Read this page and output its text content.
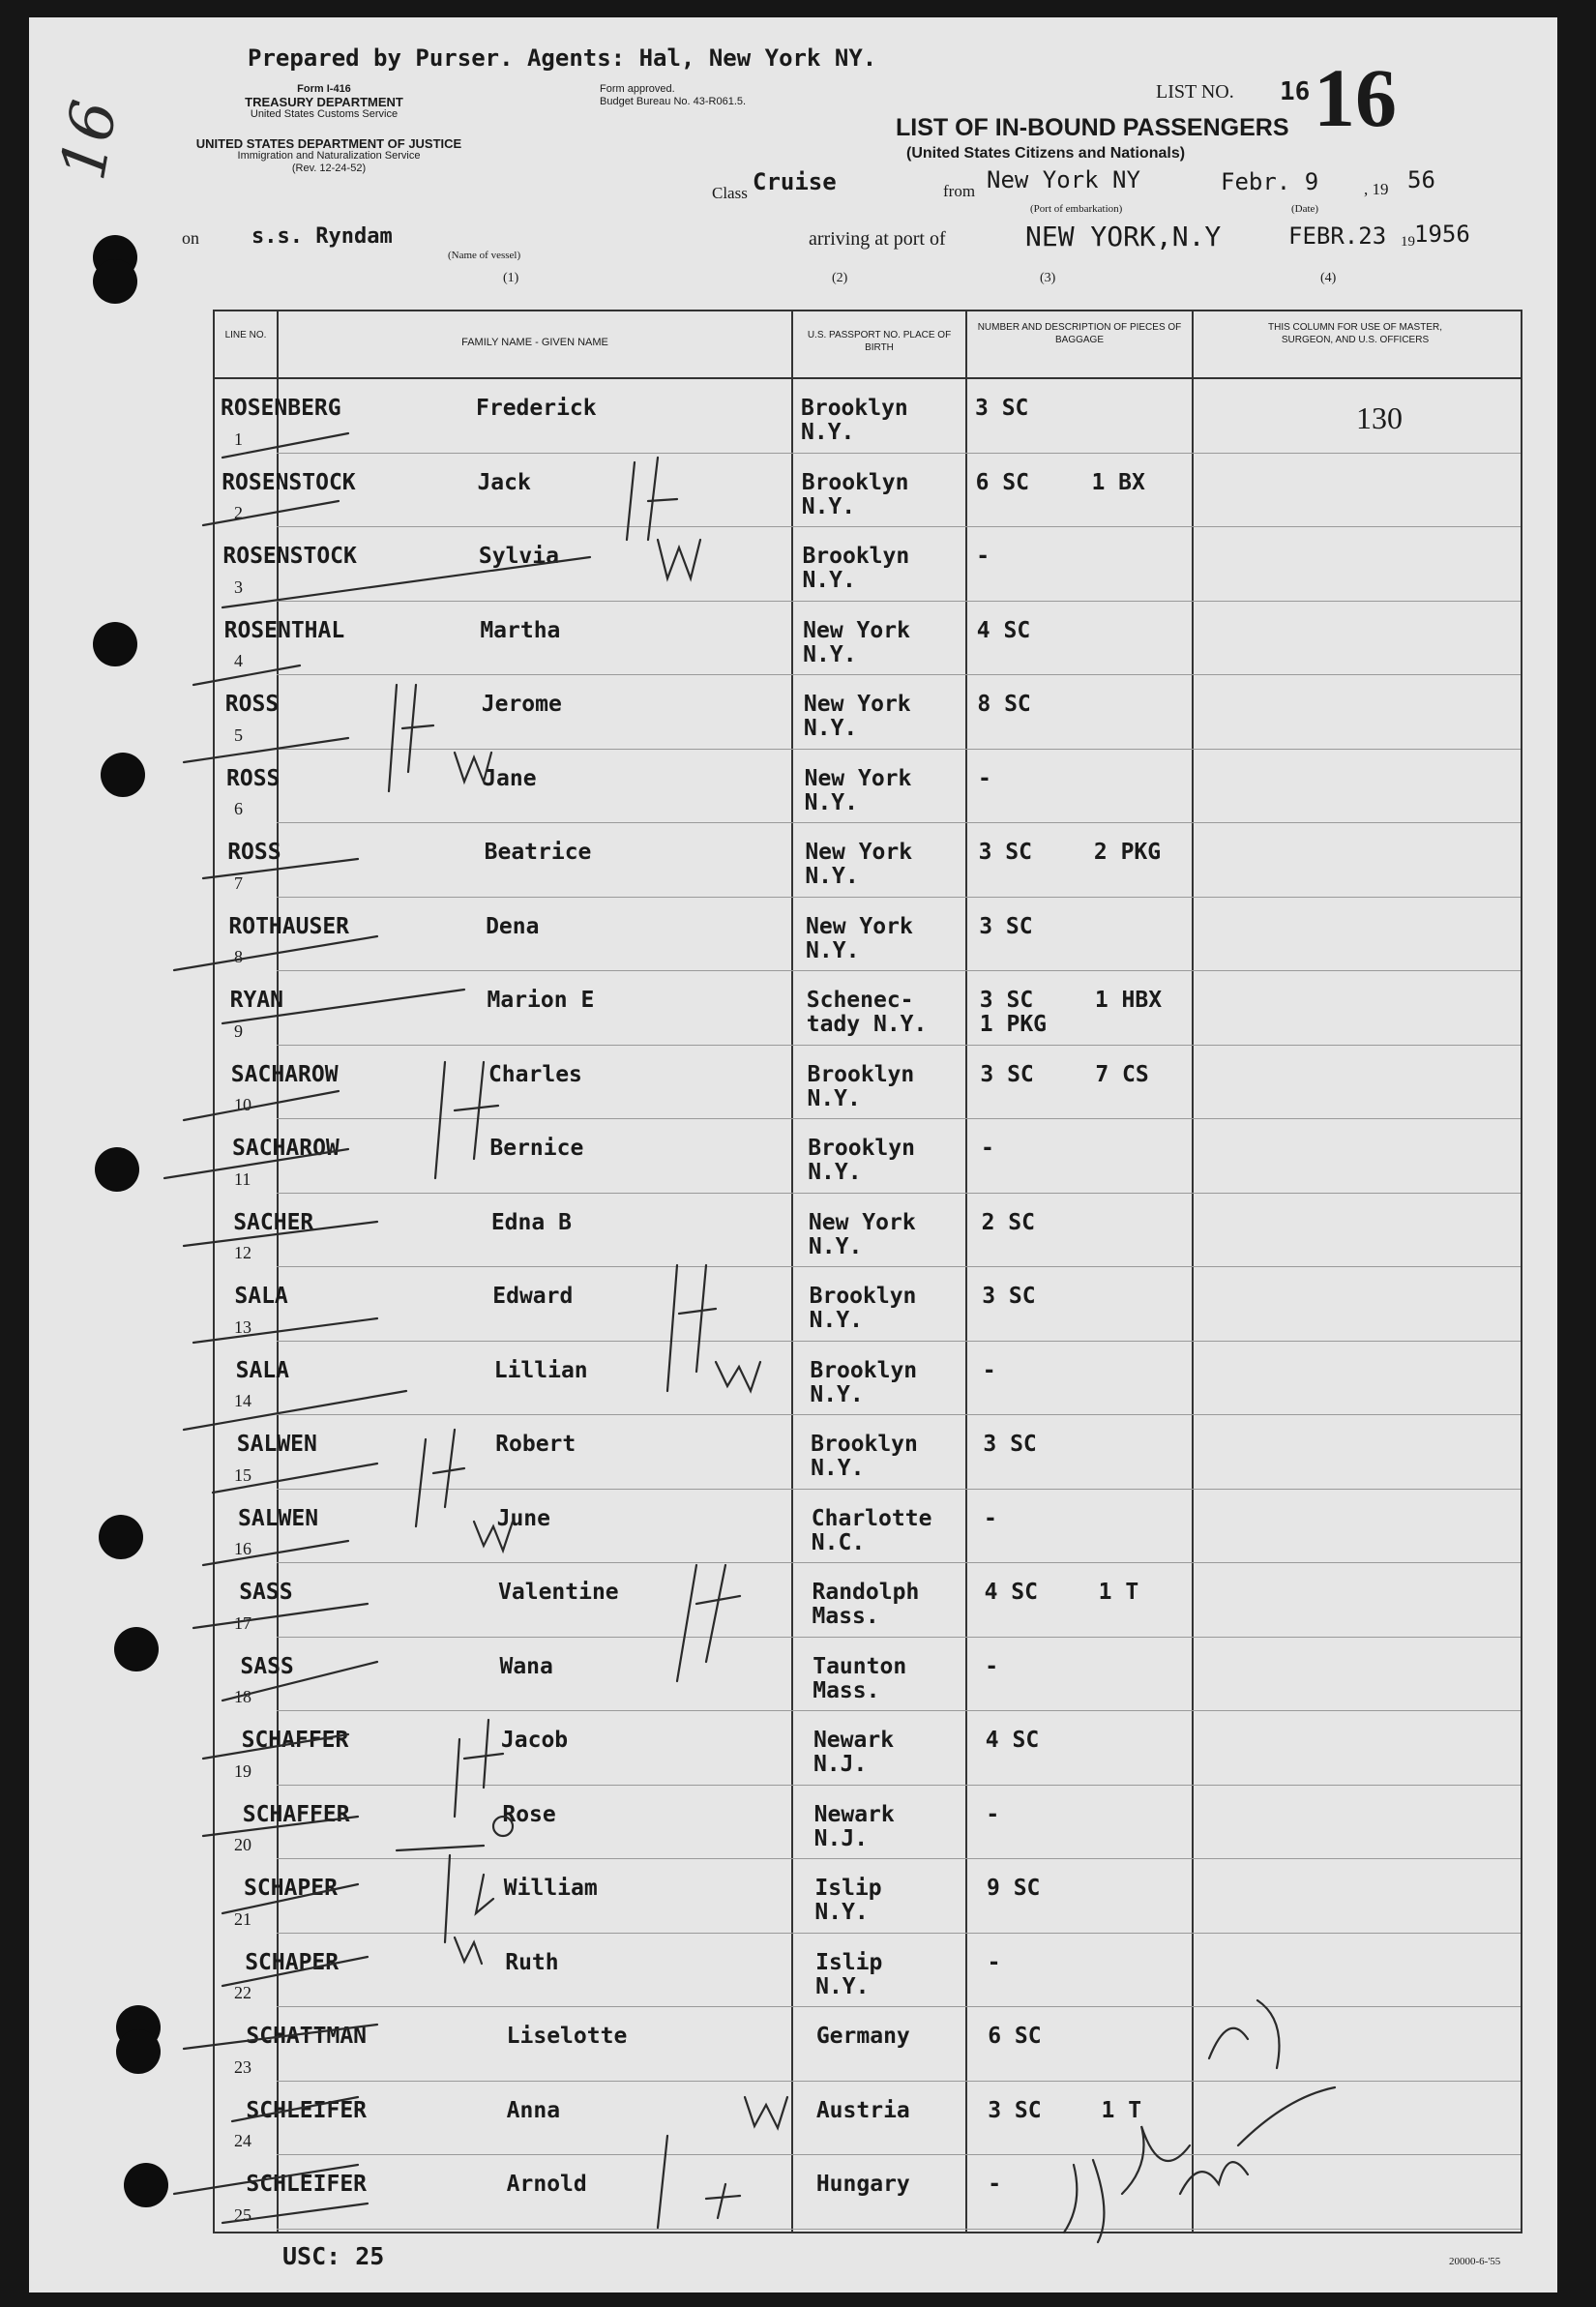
Prepared by Purser. Agents: Hal, New York NY.
Form I-416
TREASURY DEPARTMENT
United States Customs Service
UNITED STATES DEPARTMENT OF JUSTICE
Immigration and Naturalization Service
(Rev. 12-24-52)
Form approved.
Budget Bureau No. 43-R061.5.	LIST NO. 16 16
LIST OF IN-BOUND PASSENGERS
(United States Citizens and Nationals)
Class Cruise	from New York NY
(Port of embarkation)
Febr. 9	, 19 56
(Date)
on s.s. Ryndam
(Name of vessel)
arriving at port of	NEW YORK,N.Y	FEBR.23 19 1956
(1)	(2)	(3)	(4)
16
LINE NO.
FAMILY NAME - GIVEN NAME
U.S. PASSPORT NO. PLACE OF BIRTH
NUMBER AND DESCRIPTION OF PIECES OF BAGGAGE
THIS COLUMN FOR USE OF MASTER, SURGEON, AND U.S. OFFICERS
1
ROSENBERG	Frederick	Brooklyn
N.Y.
3 SC	130
2
ROSENSTOCK	Jack	Brooklyn
N.Y.
6 SC	1 BX
3
ROSENSTOCK	Sylvia	Brooklyn
N.Y.
-
4
ROSENTHAL	Martha	New York
N.Y.
4 SC
5
ROSS	Jerome	New York
N.Y.
8 SC
6
ROSS	Jane	New York
N.Y.
-
7
ROSS	Beatrice	New York
N.Y.
3 SC	2 PKG
8
ROTHAUSER	Dena	New York
N.Y.
3 SC
9
RYAN	Marion E	Schenec-
tady N.Y.
3 SC	1 HBX
1 PKG
10
SACHAROW	Charles	Brooklyn
N.Y.
3 SC	7 CS
11
SACHAROW	Bernice	Brooklyn
N.Y.
-
12
SACHER	Edna B	New York
N.Y.
2 SC
13
SALA	Edward	Brooklyn
N.Y.
3 SC
14
SALA	Lillian	Brooklyn
N.Y.
-
15
SALWEN	Robert	Brooklyn
N.Y.
3 SC
16
SALWEN	June	Charlotte
N.C.
-
17
SASS	Valentine	Randolph
Mass.
4 SC	1 T
18
SASS	Wana	Taunton
Mass.
-
19
SCHAFFER	Jacob	Newark
N.J.
4 SC
20
SCHAFFER	Rose	Newark
N.J.
-
21
SCHAPER	William	Islip
N.Y.
9 SC
22
SCHAPER	Ruth	Islip
N.Y.
-
23
SCHATTMAN	Liselotte	Germany	6 SC
24
SCHLEIFER	Anna	Austria	3 SC	1 T
25
SCHLEIFER	Arnold	Hungary	-
USC: 25	20000-6-'55
